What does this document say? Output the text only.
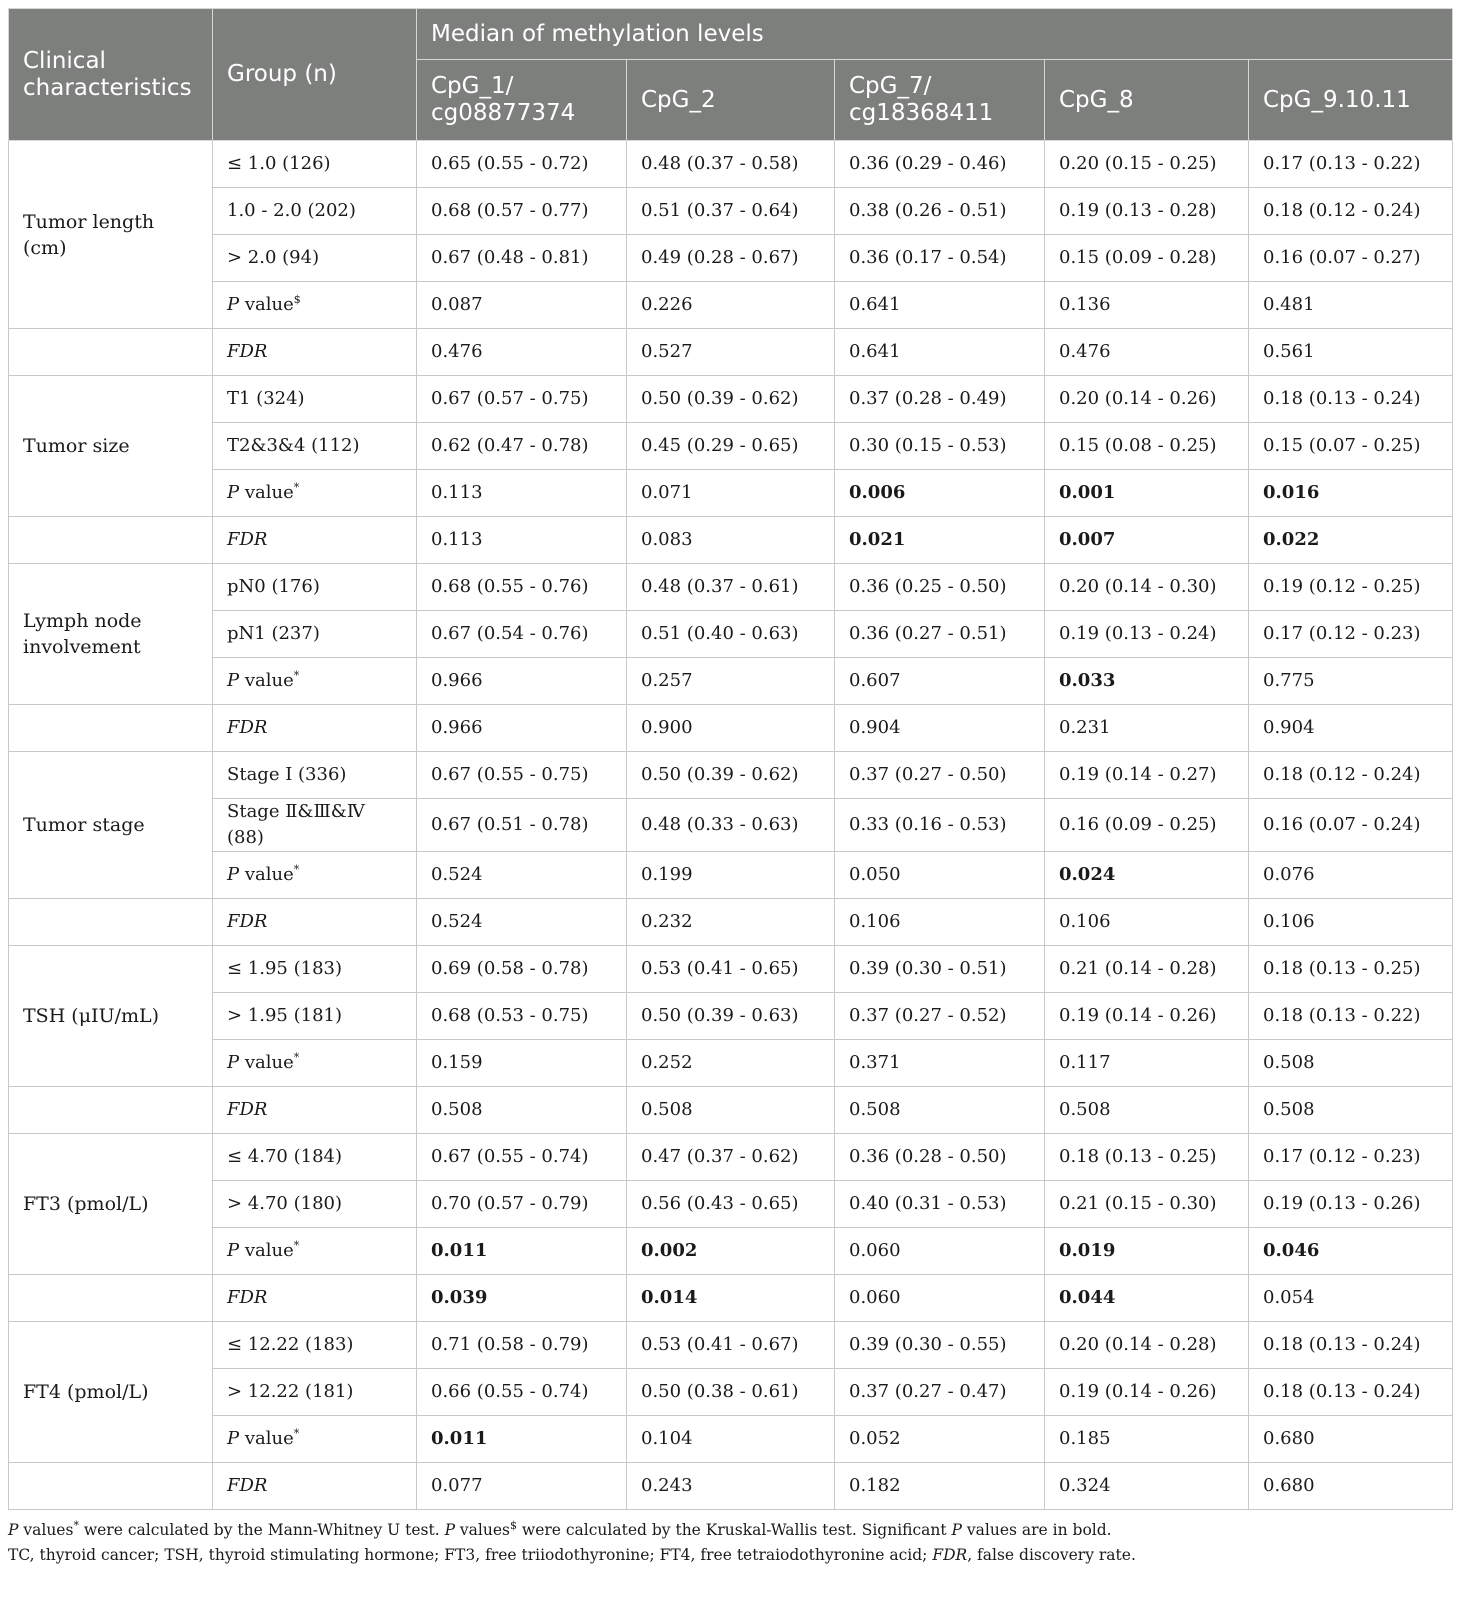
Clinical characteristics	Group (n)	Median of methylation levels				
		CpG_1/ cg08877374	CpG_2	CpG_7/ cg18368411	CpG_8	CpG_9.10.11
Tumor length (cm)	≤ 1.0 (126)	0.65 (0.55 - 0.72)	0.48 (0.37 - 0.58)	0.36 (0.29 - 0.46)	0.20 (0.15 - 0.25)	0.17 (0.13 - 0.22)
	1.0 - 2.0 (202)	0.68 (0.57 - 0.77)	0.51 (0.37 - 0.64)	0.38 (0.26 - 0.51)	0.19 (0.13 - 0.28)	0.18 (0.12 - 0.24)
	> 2.0 (94)	0.67 (0.48 - 0.81)	0.49 (0.28 - 0.67)	0.36 (0.17 - 0.54)	0.15 (0.09 - 0.28)	0.16 (0.07 - 0.27)
	P value$	0.087	0.226	0.641	0.136	0.481
	FDR	0.476	0.527	0.641	0.476	0.561
Tumor size	T1 (324)	0.67 (0.57 - 0.75)	0.50 (0.39 - 0.62)	0.37 (0.28 - 0.49)	0.20 (0.14 - 0.26)	0.18 (0.13 - 0.24)
	T2&3&4 (112)	0.62 (0.47 - 0.78)	0.45 (0.29 - 0.65)	0.30 (0.15 - 0.53)	0.15 (0.08 - 0.25)	0.15 (0.07 - 0.25)
	P value*	0.113	0.071	0.006	0.001	0.016
	FDR	0.113	0.083	0.021	0.007	0.022
Lymph node involvement	pN0 (176)	0.68 (0.55 - 0.76)	0.48 (0.37 - 0.61)	0.36 (0.25 - 0.50)	0.20 (0.14 - 0.30)	0.19 (0.12 - 0.25)
	pN1 (237)	0.67 (0.54 - 0.76)	0.51 (0.40 - 0.63)	0.36 (0.27 - 0.51)	0.19 (0.13 - 0.24)	0.17 (0.12 - 0.23)
	P value*	0.966	0.257	0.607	0.033	0.775
	FDR	0.966	0.900	0.904	0.231	0.904
Tumor stage	Stage Ⅰ (336)	0.67 (0.55 - 0.75)	0.50 (0.39 - 0.62)	0.37 (0.27 - 0.50)	0.19 (0.14 - 0.27)	0.18 (0.12 - 0.24)
	Stage Ⅱ&Ⅲ&Ⅳ (88)	0.67 (0.51 - 0.78)	0.48 (0.33 - 0.63)	0.33 (0.16 - 0.53)	0.16 (0.09 - 0.25)	0.16 (0.07 - 0.24)
	P value*	0.524	0.199	0.050	0.024	0.076
	FDR	0.524	0.232	0.106	0.106	0.106
TSH (μIU/mL)	≤ 1.95 (183)	0.69 (0.58 - 0.78)	0.53 (0.41 - 0.65)	0.39 (0.30 - 0.51)	0.21 (0.14 - 0.28)	0.18 (0.13 - 0.25)
	> 1.95 (181)	0.68 (0.53 - 0.75)	0.50 (0.39 - 0.63)	0.37 (0.27 - 0.52)	0.19 (0.14 - 0.26)	0.18 (0.13 - 0.22)
	P value*	0.159	0.252	0.371	0.117	0.508
	FDR	0.508	0.508	0.508	0.508	0.508
FT3 (pmol/L)	≤ 4.70 (184)	0.67 (0.55 - 0.74)	0.47 (0.37 - 0.62)	0.36 (0.28 - 0.50)	0.18 (0.13 - 0.25)	0.17 (0.12 - 0.23)
	> 4.70 (180)	0.70 (0.57 - 0.79)	0.56 (0.43 - 0.65)	0.40 (0.31 - 0.53)	0.21 (0.15 - 0.30)	0.19 (0.13 - 0.26)
	P value*	0.011	0.002	0.060	0.019	0.046
	FDR	0.039	0.014	0.060	0.044	0.054
FT4 (pmol/L)	≤ 12.22 (183)	0.71 (0.58 - 0.79)	0.53 (0.41 - 0.67)	0.39 (0.30 - 0.55)	0.20 (0.14 - 0.28)	0.18 (0.13 - 0.24)
	> 12.22 (181)	0.66 (0.55 - 0.74)	0.50 (0.38 - 0.61)	0.37 (0.27 - 0.47)	0.19 (0.14 - 0.26)	0.18 (0.13 - 0.24)
	P value*	0.011	0.104	0.052	0.185	0.680
	FDR	0.077	0.243	0.182	0.324	0.680
P values* were calculated by the Mann-Whitney U test. P values$ were calculated by the Kruskal-Wallis test. Significant P values are in bold.
TC, thyroid cancer; TSH, thyroid stimulating hormone; FT3, free triiodothyronine; FT4, free tetraiodothyronine acid; FDR, false discovery rate.
